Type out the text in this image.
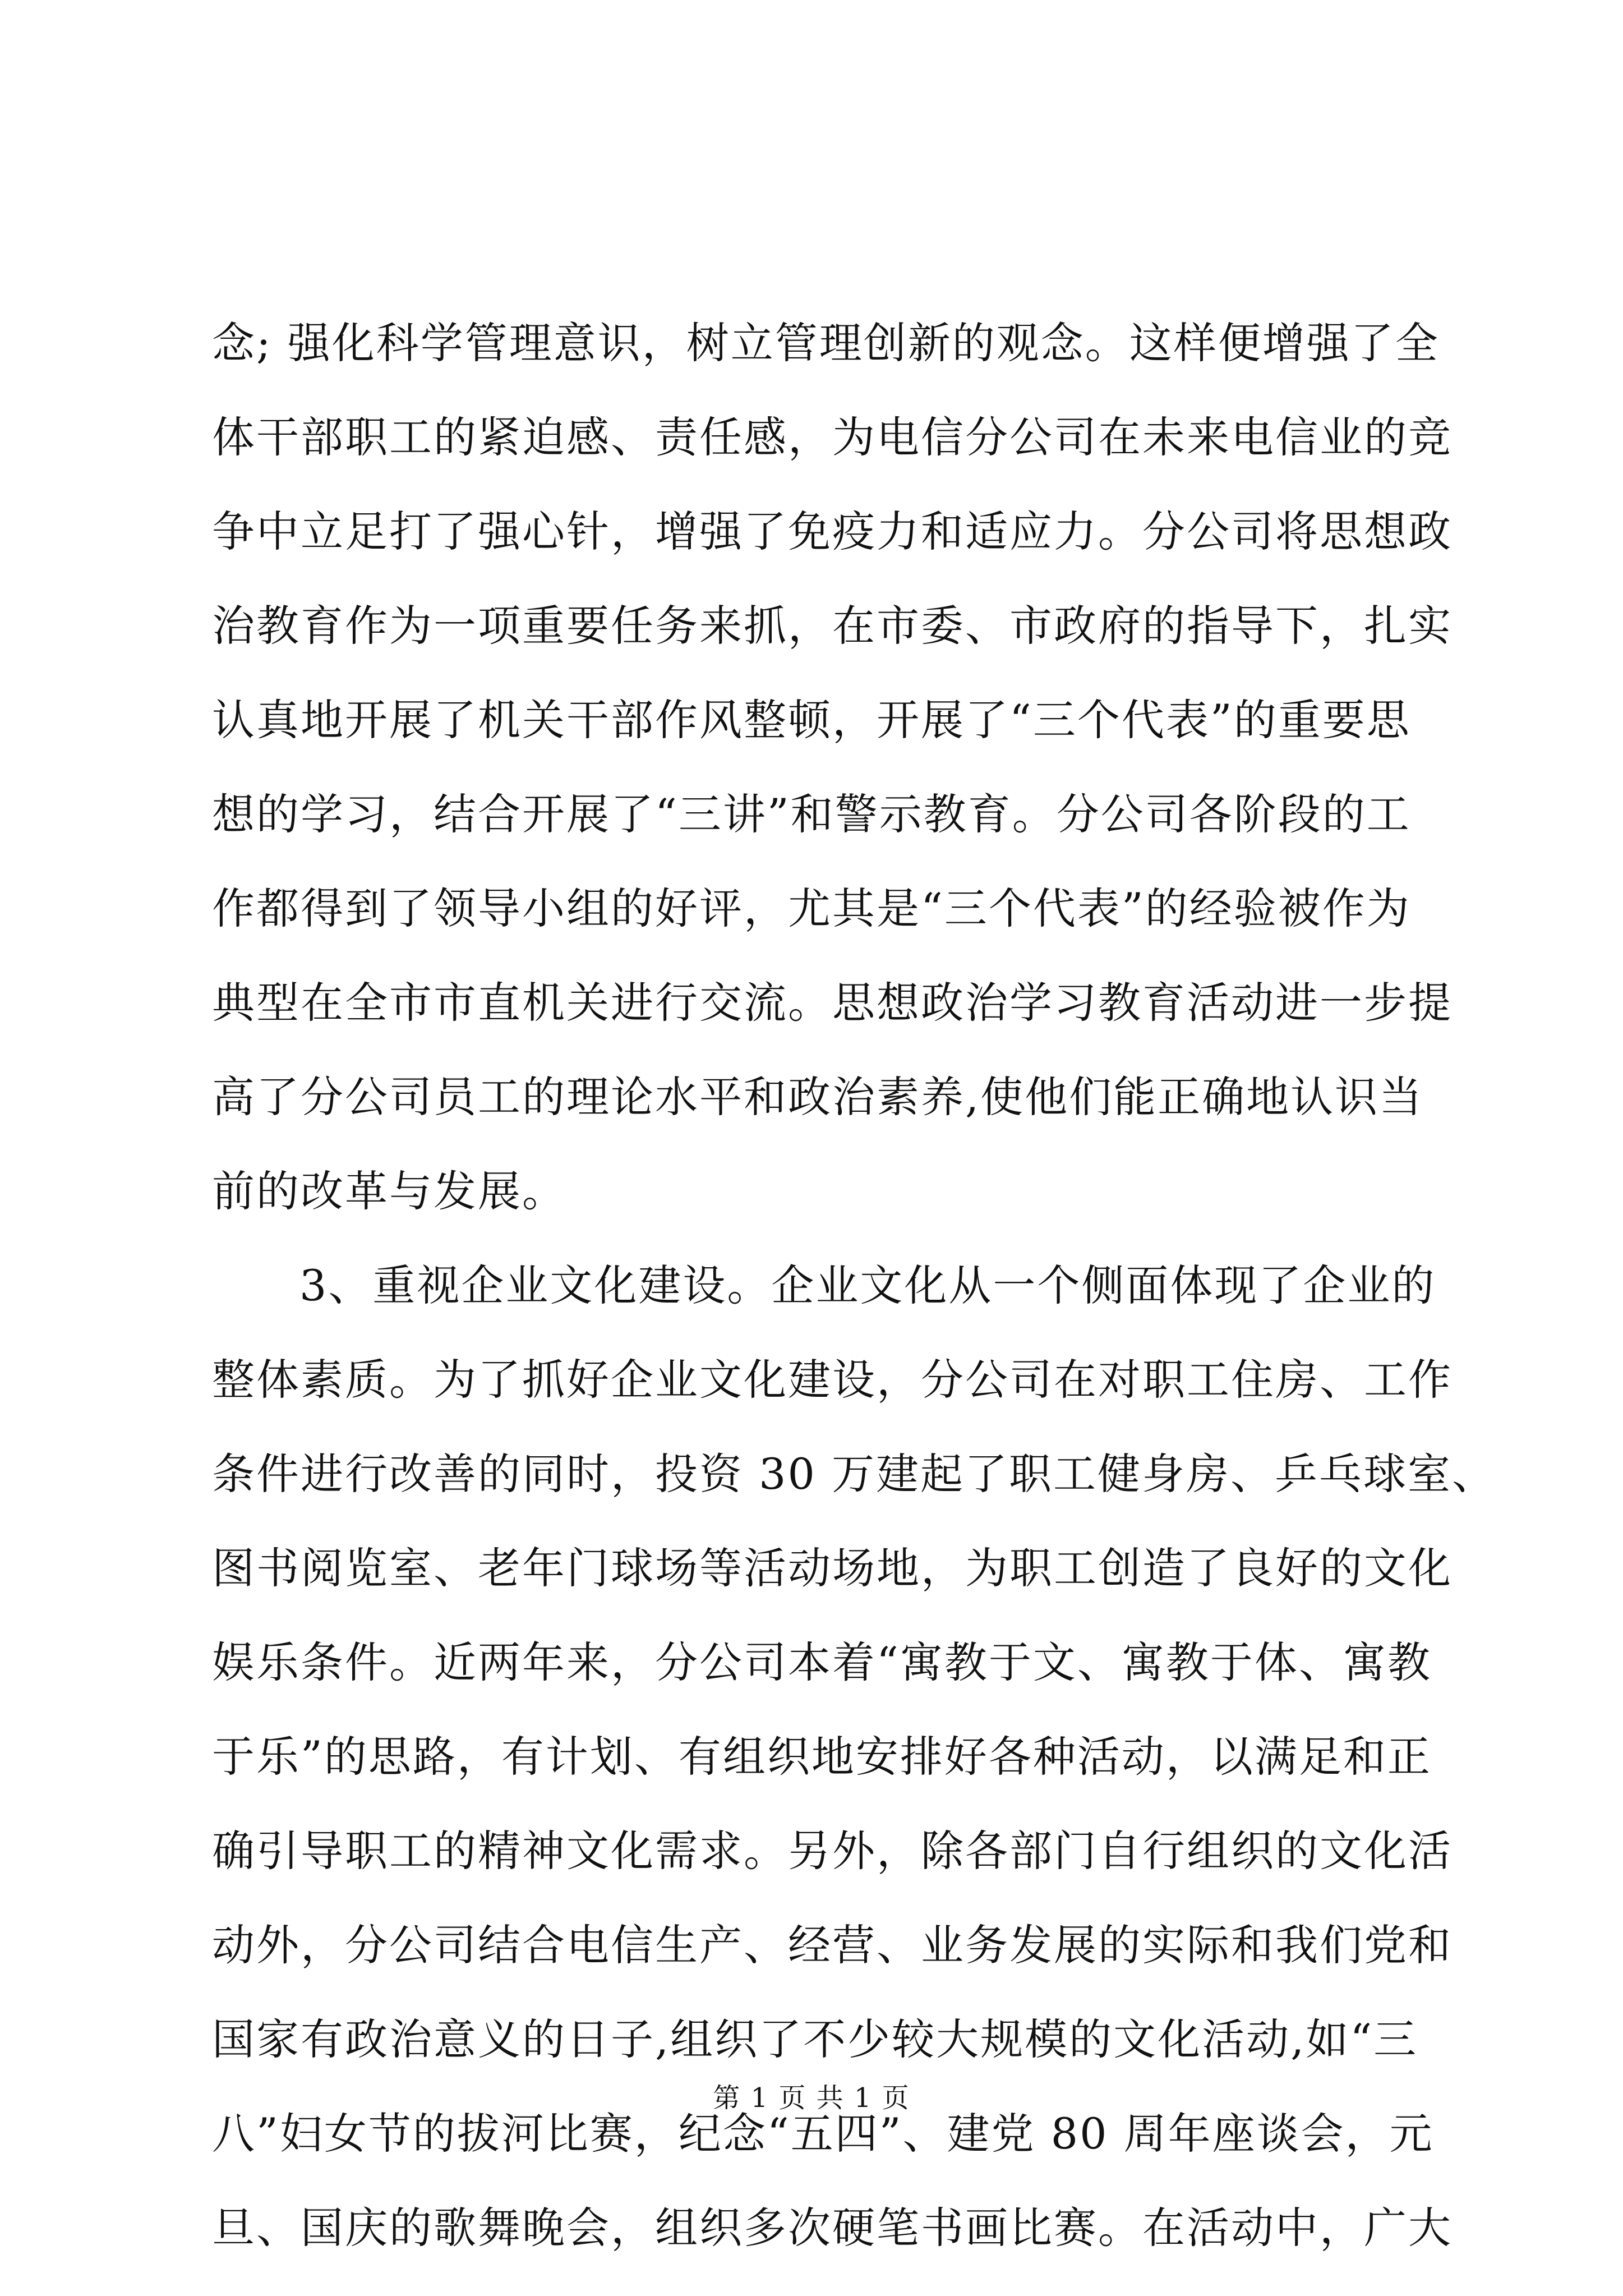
念; 强化科学管理意识，树立管理创新的观念。这样便增强了全
体干部职工的紧迫感、责任感，为电信分公司在未来电信业的竞
争中立足打了强心针，增强了免疫力和适应力。分公司将思想政
治教育作为一项重要任务来抓，在市委、市政府的指导下，扎实
认真地开展了机关干部作风整顿，开展了“三个代表”的重要思
想的学习，结合开展了“三讲”和警示教育。分公司各阶段的工
作都得到了领导小组的好评，尤其是“三个代表”的经验被作为
典型在全市市直机关进行交流。思想政治学习教育活动进一步提
高了分公司员工的理论水平和政治素养,使他们能正确地认识当
前的改革与发展。
3、重视企业文化建设。企业文化从一个侧面体现了企业的
整体素质。为了抓好企业文化建设，分公司在对职工住房、工作
条件进行改善的同时，投资 30 万建起了职工健身房、乒乓球室、
图书阅览室、老年门球场等活动场地，为职工创造了良好的文化
娱乐条件。近两年来，分公司本着“寓教于文、寓教于体、寓教
于乐”的思路，有计划、有组织地安排好各种活动，以满足和正
确引导职工的精神文化需求。另外，除各部门自行组织的文化活
动外，分公司结合电信生产、经营、业务发展的实际和我们党和
国家有政治意义的日子,组织了不少较大规模的文化活动,如“三
八”妇女节的拔河比赛，纪念“五四”、建党 80 周年座谈会，元
旦、国庆的歌舞晚会，组织多次硬笔书画比赛。在活动中，广大
第 1 页 共 1 页
